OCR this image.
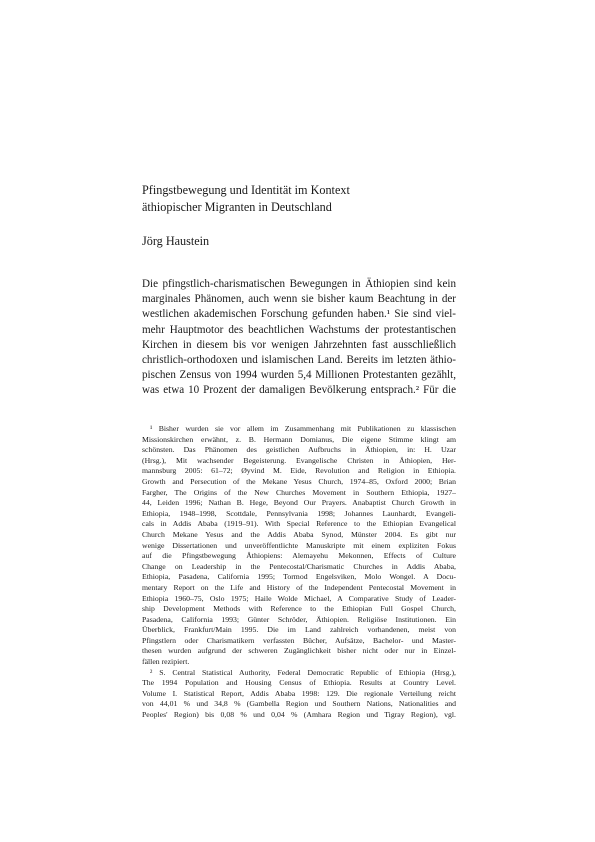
Pfingstbewegung und Identität im Kontext
äthiopischer Migranten in Deutschland

Jörg Haustein

Die pfingstlich-charismatischen Bewegungen in Äthiopien sind kein
marginales Phänomen, auch wenn sie bisher kaum Beachtung in der
westlichen akademischen Forschung gefunden haben.¹ Sie sind viel-
mehr Hauptmotor des beachtlichen Wachstums der protestantischen
Kirchen in diesem bis vor wenigen Jahrzehnten fast ausschließlich
christlich-orthodoxen und islamischen Land. Bereits im letzten äthio-
pischen Zensus von 1994 wurden 5,4 Millionen Protestanten gezählt,
was etwa 10 Prozent der damaligen Bevölkerung entsprach.² Für die
¹ Bisher wurden sie vor allem im Zusammenhang mit Publikationen zu klassischen
Missionskirchen erwähnt, z. B. Hermann Domianus, Die eigene Stimme klingt am
schönsten. Das Phänomen des geistlichen Aufbruchs in Äthiopien, in: H. Uzar
(Hrsg.), Mit wachsender Begeisterung. Evangelische Christen in Äthiopien, Her-
mannsburg 2005: 61–72; Øyvind M. Eide, Revolution and Religion in Ethiopia.
Growth and Persecution of the Mekane Yesus Church, 1974–85, Oxford 2000; Brian
Fargher, The Origins of the New Churches Movement in Southern Ethiopia, 1927–
44, Leiden 1996; Nathan B. Hege, Beyond Our Prayers. Anabaptist Church Growth in
Ethiopia, 1948–1998, Scottdale, Pennsylvania 1998; Johannes Launhardt, Evangeli-
cals in Addis Ababa (1919–91). With Special Reference to the Ethiopian Evangelical
Church Mekane Yesus and the Addis Ababa Synod, Münster 2004. Es gibt nur
wenige Dissertationen und unveröffentlichte Manuskripte mit einem expliziten Fokus
auf die Pfingstbewegung Äthiopiens: Alemayehu Mekonnen, Effects of Culture
Change on Leadership in the Pentecostal/Charismatic Churches in Addis Ababa,
Ethiopia, Pasadena, California 1995; Tormod Engelsviken, Molo Wongel. A Docu-
mentary Report on the Life and History of the Independent Pentecostal Movement in
Ethiopia 1960–75, Oslo 1975; Haile Wolde Michael, A Comparative Study of Leader-
ship Development Methods with Reference to the Ethiopian Full Gospel Church,
Pasadena, California 1993; Günter Schröder, Äthiopien. Religiöse Institutionen. Ein
Überblick, Frankfurt/Main 1995. Die im Land zahlreich vorhandenen, meist von
Pfingstlern oder Charismatikern verfassten Bücher, Aufsätze, Bachelor- und Master-
thesen wurden aufgrund der schweren Zugänglichkeit bisher nicht oder nur in Einzel-
fällen rezipiert.
² S. Central Statistical Authority, Federal Democratic Republic of Ethiopia (Hrsg.),
The 1994 Population and Housing Census of Ethiopia. Results at Country Level.
Volume I. Statistical Report, Addis Ababa 1998: 129. Die regionale Verteilung reicht
von 44,01 % und 34,8 % (Gambella Region und Southern Nations, Nationalities and
Peoples' Region) bis 0,08 % und 0,04 % (Amhara Region und Tigray Region), vgl.
